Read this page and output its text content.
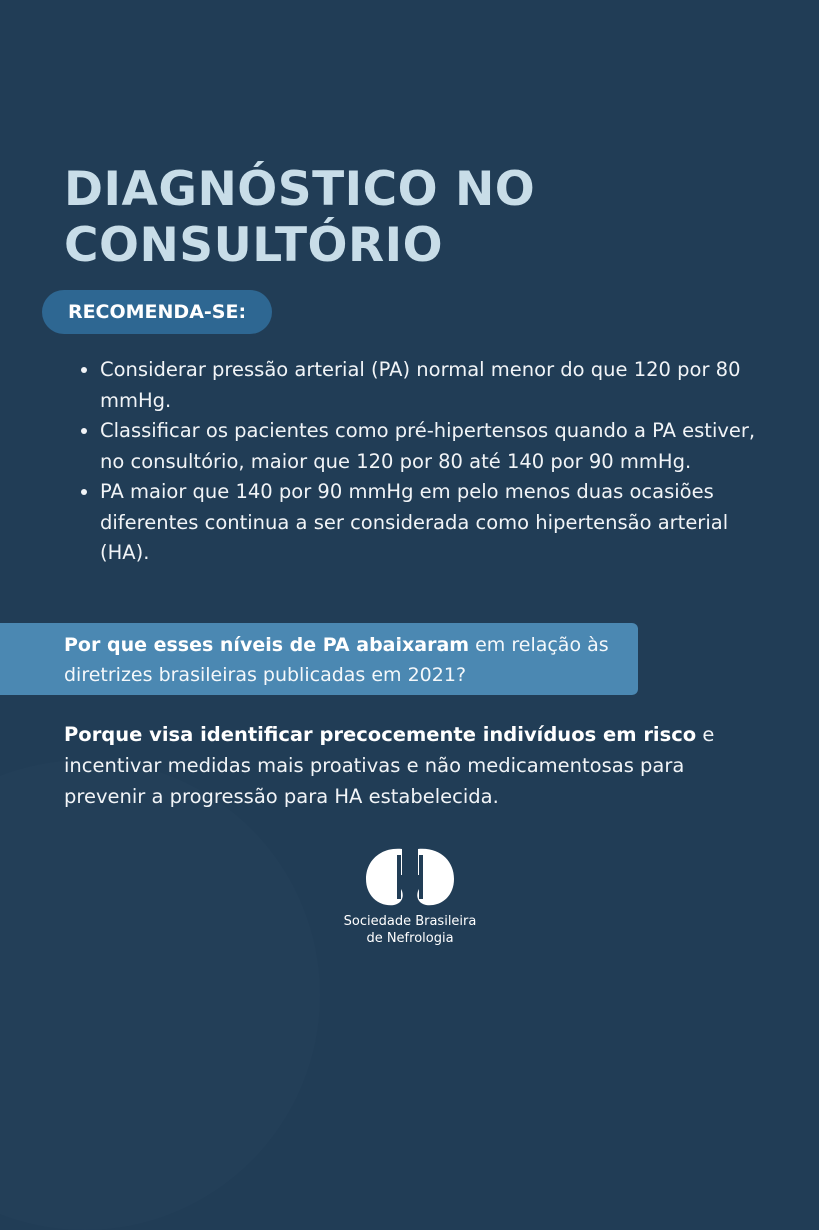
DIAGNÓSTICO NO CONSULTÓRIO
RECOMENDA-SE:
• Considerar pressão arterial (PA) normal menor do que 120 por 80 mmHg.
• Classificar os pacientes como pré-hipertensos quando a PA estiver, no consultório, maior que 120 por 80 até 140 por 90 mmHg.
• PA maior que 140 por 90 mmHg em pelo menos duas ocasiões diferentes continua a ser considerada como hipertensão arterial (HA).
Por que esses níveis de PA abaixaram em relação às diretrizes brasileiras publicadas em 2021?

Porque visa identificar precocemente indivíduos em risco e incentivar medidas mais proativas e não medicamentosas para prevenir a progressão para HA estabelecida.

Sociedade Brasileira
de Nefrologia
